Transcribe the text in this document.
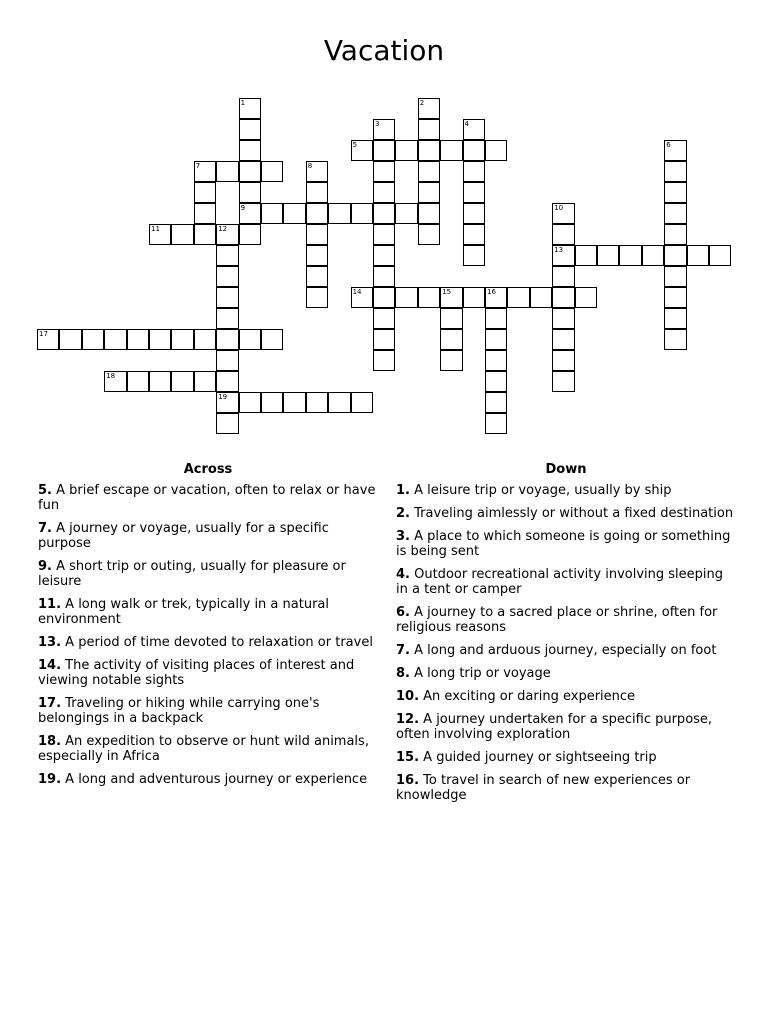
Vacation
1
9
2
3	4
5	6
7	8
10
13
11	12
19
14	15	16
17
18
Across
5. A brief escape or vacation, often to relax or have fun
7. A journey or voyage, usually for a specific purpose
9. A short trip or outing, usually for pleasure or leisure
11. A long walk or trek, typically in a natural environment
13. A period of time devoted to relaxation or travel
14. The activity of visiting places of interest and viewing notable sights
17. Traveling or hiking while carrying one's belongings in a backpack
18. An expedition to observe or hunt wild animals, especially in Africa
19. A long and adventurous journey or experience
Down
1. A leisure trip or voyage, usually by ship
2. Traveling aimlessly or without a fixed destination
3. A place to which someone is going or something is being sent
4. Outdoor recreational activity involving sleeping in a tent or camper
6. A journey to a sacred place or shrine, often for religious reasons
7. A long and arduous journey, especially on foot
8. A long trip or voyage
10. An exciting or daring experience
12. A journey undertaken for a specific purpose, often involving exploration
15. A guided journey or sightseeing trip
16. To travel in search of new experiences or knowledge
